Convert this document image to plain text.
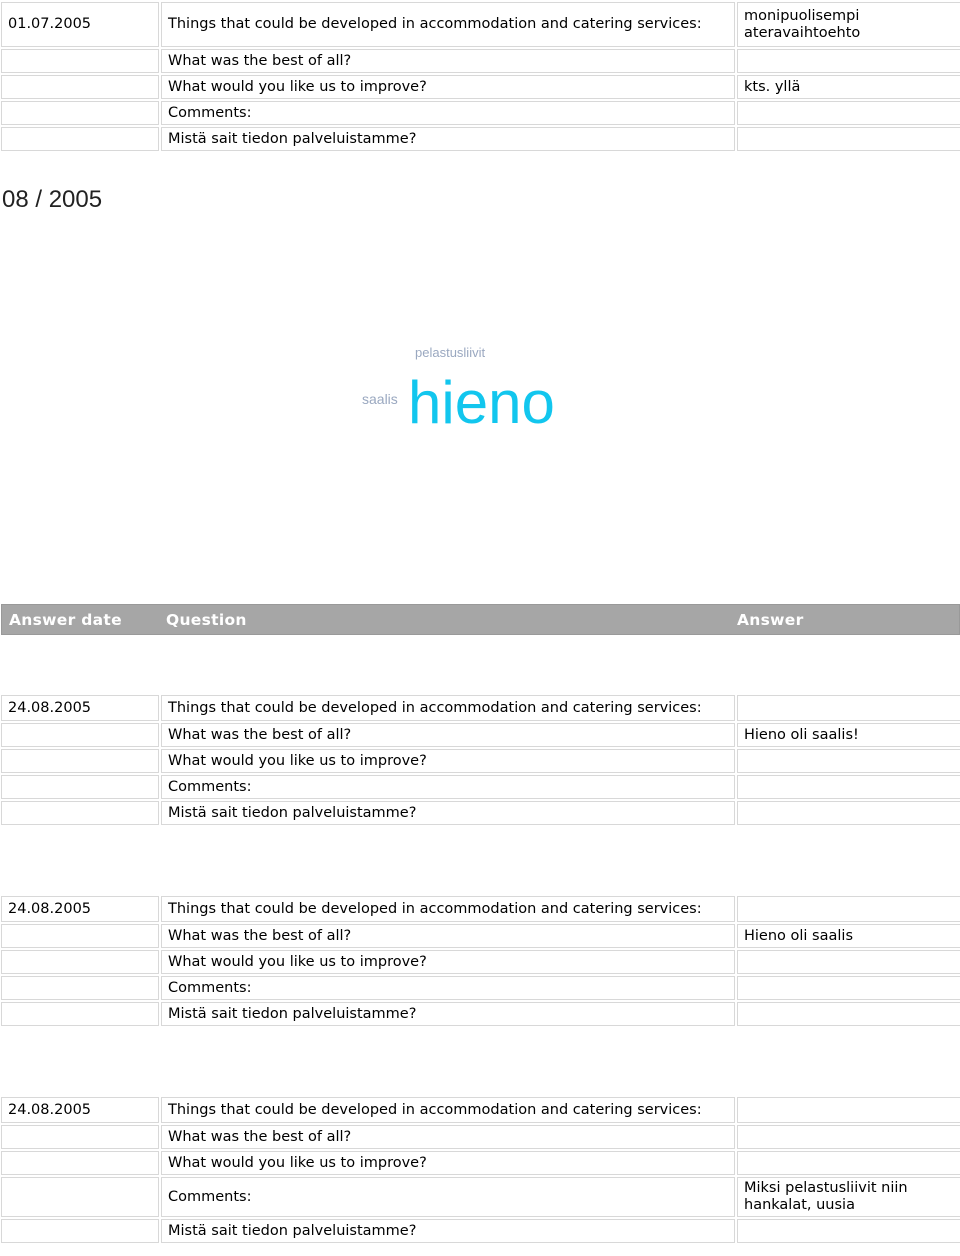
01.07.2005	Things that could be developed in accommodation and catering services:	monipuolisempi ateravaihtoehto
	What was the best of all?	
	What would you like us to improve?	kts. yllä
	Comments:	
	Mistä sait tiedon palveluistamme?	
08 / 2005
pelastusliivit
saalis hieno
Answer date	Question	Answer
24.08.2005	Things that could be developed in accommodation and catering services:	
	What was the best of all?	Hieno oli saalis!
	What would you like us to improve?	
	Comments:	
	Mistä sait tiedon palveluistamme?	
24.08.2005	Things that could be developed in accommodation and catering services:	
	What was the best of all?	Hieno oli saalis
	What would you like us to improve?	
	Comments:	
	Mistä sait tiedon palveluistamme?	
24.08.2005	Things that could be developed in accommodation and catering services:	
	What was the best of all?	
	What would you like us to improve?	
	Comments:	Miksi pelastusliivit niin hankalat, uusia
	Mistä sait tiedon palveluistamme?	
